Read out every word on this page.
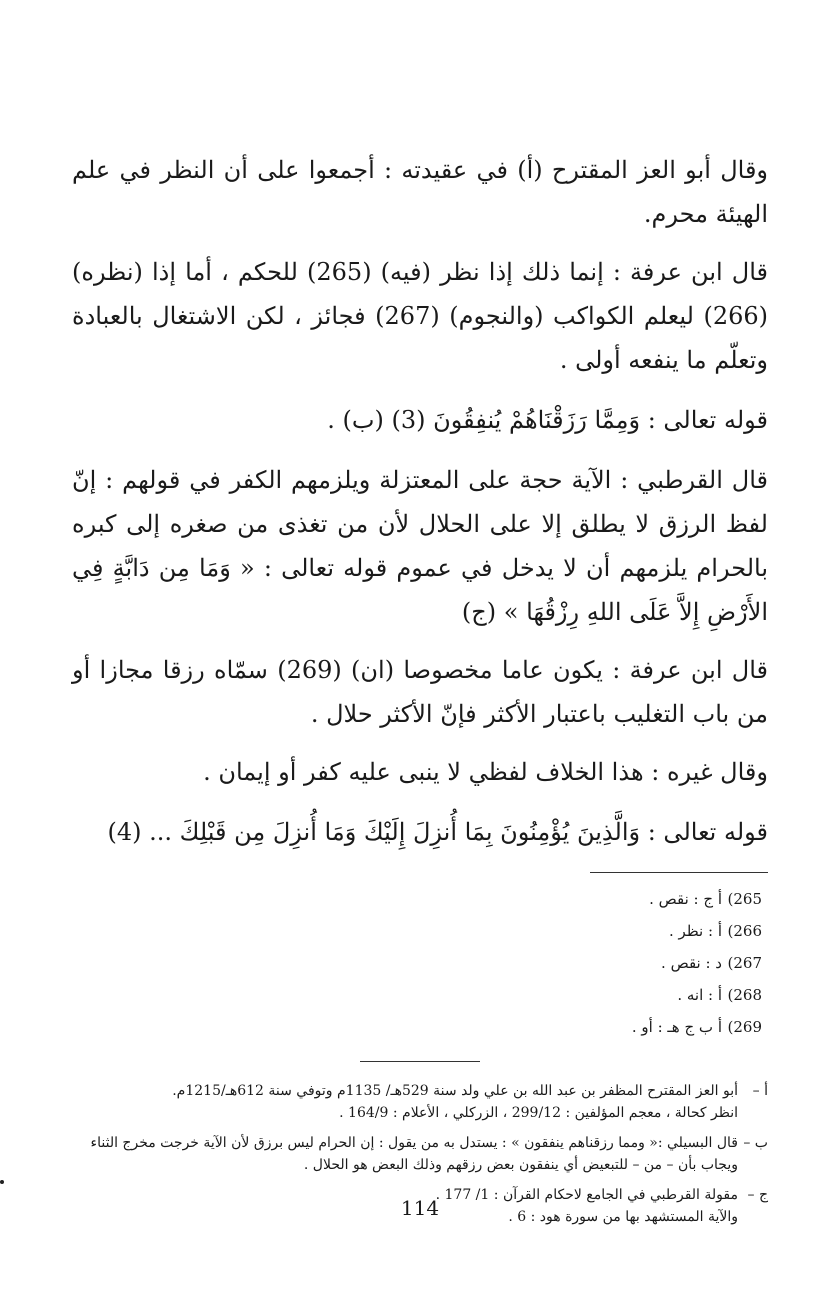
وقال أبو العز المقترح (أ) في عقيدته : أجمعوا على أن النظر في علم الهيئة محرم.

قال ابن عرفة : إنما ذلك إذا نظر (فيه) (265) للحكم ، أما إذا (نظره) (266) ليعلم الكواكب (والنجوم) (267) فجائز ، لكن الاشتغال بالعبادة وتعلّم ما ينفعه أولى .

قوله تعالى : وَمِمَّا رَزَقْنَاهُمْ يُنفِقُونَ (3) (ب) .

قال القرطبي : الآية حجة على المعتزلة ويلزمهم الكفر في قولهم : إنّ لفظ الرزق لا يطلق إلا على الحلال لأن من تغذى من صغره إلى كبره بالحرام يلزمهم أن لا يدخل في عموم قوله تعالى : « وَمَا مِن دَابَّةٍ فِي الأَرْضِ إِلاَّ عَلَى اللهِ رِزْقُهَا » (ج)

قال ابن عرفة : يكون عاما مخصوصا (ان) (269) سمّاه رزقا مجازا أو من باب التغليب باعتبار الأكثر فإنّ الأكثر حلال .

وقال غيره : هذا الخلاف لفظي لا ينبى عليه كفر أو إيمان .

قوله تعالى : وَالَّذِينَ يُؤْمِنُونَ بِمَا أُنزِلَ إِلَيْكَ وَمَا أُنزِلَ مِن قَبْلِكَ ... (4)

265)
أ ج : نقص .
266)
أ : نظر .
267)
د : نقص .
268)
أ : انه .
269)
أ ب ج هـ : أو .
أ –
أبو العز المقترح المظفر بن عبد الله بن علي ولد سنة 529هـ/ 1135م وتوفي سنة 612هـ/1215م.
انظر كحالة ، معجم المؤلفين : 299/12 ، الزركلي ، الأعلام : 164/9 .
ب –
قال البسيلي :« ومما رزقناهم ينفقون » : يستدل به من يقول : إن الحرام ليس برزق لأن الآية خرجت مخرج الثناء ويجاب بأن – من – للتبعيض أي ينفقون بعض رزقهم وذلك البعض هو الحلال .
ج –
مقولة القرطبي في الجامع لاحكام القرآن : 1/ 177 .
والآية المستشهد بها من سورة هود : 6 .
114
